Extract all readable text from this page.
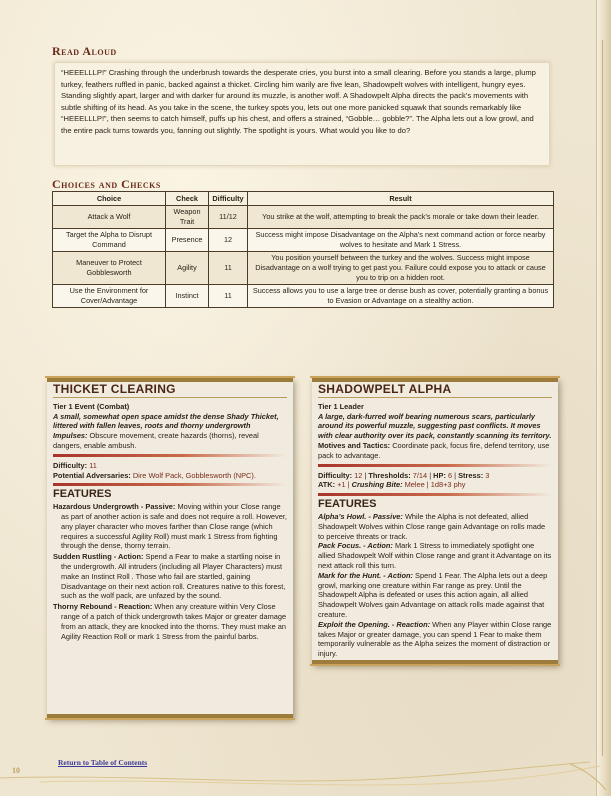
Read Aloud
“HEEELLLP!” Crashing through the underbrush towards the desperate cries, you burst into a small clearing. Before you stands a large, plump turkey, feathers ruffled in panic, backed against a thicket. Circling him warily are five lean, Shadowpelt wolves with intelligent, hungry eyes. Standing slightly apart, larger and with darker fur around its muzzle, is another wolf. A Shadowpelt Alpha directs the pack’s movements with subtle shifting of its head. As you take in the scene, the turkey spots you, lets out one more panicked squawk that sounds remarkably like “HEEELLLP!”, then seems to catch himself, puffs up his chest, and offers a strained, “Gobble… gobble?”. The Alpha lets out a low growl, and the entire pack turns towards you, fanning out slightly. The spotlight is yours. What would you like to do?
Choices and Checks
Choice	Check	Difficulty	Result
Attack a Wolf	Weapon Trait	11/12	You strike at the wolf, attempting to break the pack’s morale or take down their leader.
Target the Alpha to Disrupt Command	Presence	12	Success might impose Disadvantage on the Alpha’s next command action or force nearby wolves to hesitate and Mark 1 Stress.
Maneuver to Protect Gobblesworth	Agility	11	You position yourself between the turkey and the wolves. Success might impose Disadvantage on a wolf trying to get past you. Failure could expose you to attack or cause you to trip on a hidden root.
Use the Environment for Cover/Advantage	Instinct	11	Success allows you to use a large tree or dense bush as cover, potentially granting a bonus to Evasion or Advantage on a stealthy action.
THICKET CLEARING
Tier 1 Event (Combat)
A small, somewhat open space amidst the dense Shady Thicket, littered with fallen leaves, roots and thorny undergrowth
Impulses: Obscure movement, create hazards (thorns), reveal dangers, enable ambush.
Difficulty: 11
Potential Adversaries: Dire Wolf Pack, Gobblesworth (NPC).
FEATURES
Hazardous Undergrowth - Passive: Moving within your Close range as part of another action is safe and does not require a roll. However, any player character who moves farther than Close range (which requires a successful Agility Roll) must mark 1 Stress from fighting through the dense, thorny terrain.
Sudden Rustling - Action: Spend a Fear to make a startling noise in the undergrowth. All intruders (including all Player Characters) must make an Instinct Roll . Those who fail are startled, gaining Disadvantage on their next action roll. Creatures native to this forest, such as the wolf pack, are unfazed by the sound.
Thorny Rebound - Reaction: When any creature within Very Close range of a patch of thick undergrowth takes Major or greater damage from an attack, they are knocked into the thorns. They must make an Agility Reaction Roll or mark 1 Stress from the painful barbs.
SHADOWPELT ALPHA
Tier 1 Leader
A large, dark-furred wolf bearing numerous scars, particularly around its powerful muzzle, suggesting past conflicts. It moves with clear authority over its pack, constantly scanning its territory.
Motives and Tactics: Coordinate pack, focus fire, defend territory, use pack to advantage.
Difficulty: 12 | Thresholds: 7/14 | HP: 6 | Stress: 3
ATK: +1 | Crushing Bite: Melee | 1d8+3 phy
FEATURES
Alpha’s Howl. - Passive: While the Alpha is not defeated, allied Shadowpelt Wolves within Close range gain Advantage on rolls made to perceive threats or track.
Pack Focus. - Action: Mark 1 Stress to immediately spotlight one allied Shadowpelt Wolf within Close range and grant it Advantage on its next attack roll this turn.
Mark for the Hunt. - Action: Spend 1 Fear. The Alpha lets out a deep growl, marking one creature within Far range as prey. Until the Shadowpelt Alpha is defeated or uses this action again, all allied Shadowpelt Wolves gain Advantage on attack rolls made against that creature.
Exploit the Opening. - Reaction: When any Player within Close range takes Major or greater damage, you can spend 1 Fear to make them temporarily vulnerable as the Alpha seizes the moment of distraction or injury.
Return to Table of Contents
10
